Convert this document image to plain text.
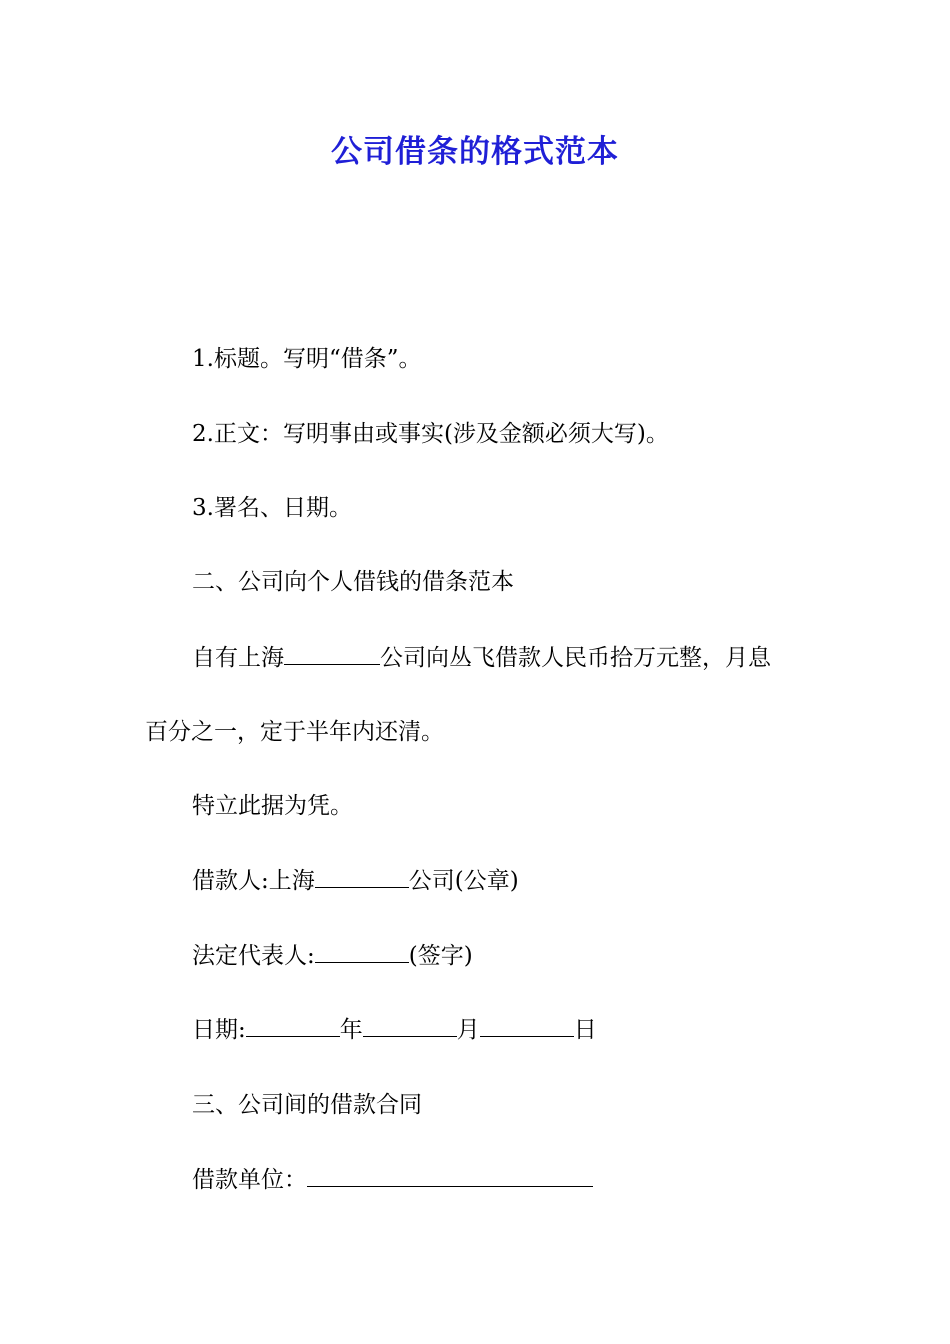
公司借条的格式范本
1.标题。写明“借条”。
2.正文：写明事由或事实(涉及金额必须大写)。
3.署名、日期。
二、公司向个人借钱的借条范本
自有上海	公司向丛飞借款人民币拾万元整，月息
百分之一，定于半年内还清。
特立此据为凭。
借款人:上海	公司(公章)
法定代表人:	(签字)
日期:	年	月	日
三、公司间的借款合同
借款单位：
